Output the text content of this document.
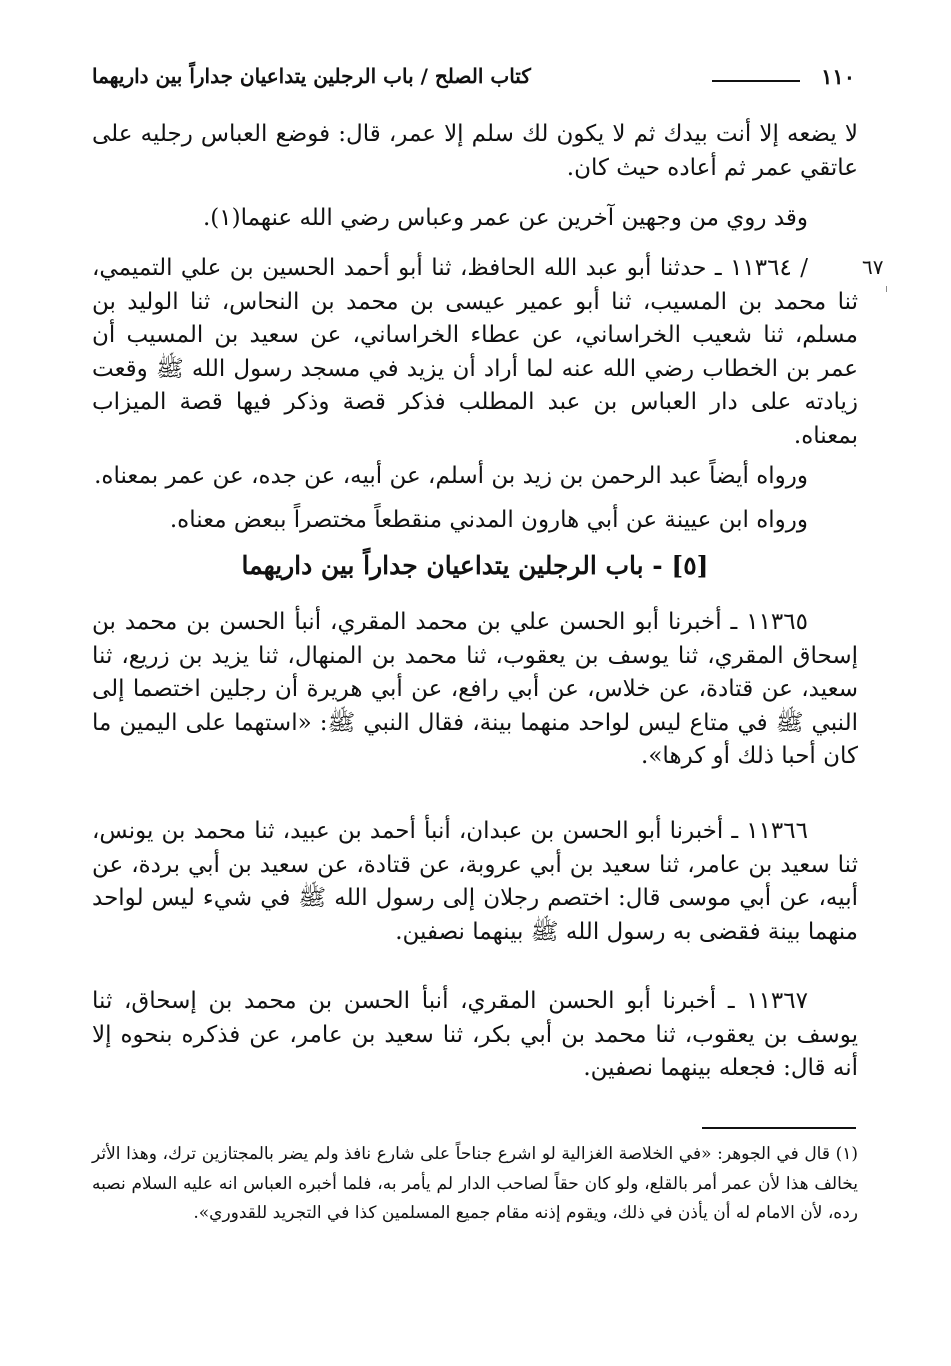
١١٠
كتاب الصلح / باب الرجلين يتداعيان جداراً بين داريهما
٦٧

لا يضعه إلا أنت بيدك ثم لا يكون لك سلم إلا عمر، قال: فوضع العباس رجليه على عاتقي عمر ثم أعاده حيث كان.

وقد روي من وجهين آخرين عن عمر وعباس رضي الله عنهما(١).

/ ١١٣٦٤ ـ حدثنا أبو عبد الله الحافظ، ثنا أبو أحمد الحسين بن علي التميمي، ثنا محمد بن المسيب، ثنا أبو عمير عيسى بن محمد بن النحاس، ثنا الوليد بن مسلم، ثنا شعيب الخراساني، عن عطاء الخراساني، عن سعيد بن المسيب أن عمر بن الخطاب رضي الله عنه لما أراد أن يزيد في مسجد رسول الله ﷺ وقعت زيادته على دار العباس بن عبد المطلب فذكر قصة وذكر فيها قصة الميزاب بمعناه.

ورواه أيضاً عبد الرحمن بن زيد بن أسلم، عن أبيه، عن جده، عن عمر بمعناه.

ورواه ابن عيينة عن أبي هارون المدني منقطعاً مختصراً ببعض معناه.

[٥] - باب الرجلين يتداعيان جداراً بين داريهما

١١٣٦٥ ـ أخبرنا أبو الحسن علي بن محمد المقري، أنبأ الحسن بن محمد بن إسحاق المقري، ثنا يوسف بن يعقوب، ثنا محمد بن المنهال، ثنا يزيد بن زريع، ثنا سعيد، عن قتادة، عن خلاس، عن أبي رافع، عن أبي هريرة أن رجلين اختصما إلى النبي ﷺ في متاع ليس لواحد منهما بينة، فقال النبي ﷺ: «استهما على اليمين ما كان أحبا ذلك أو كرها».

١١٣٦٦ ـ أخبرنا أبو الحسن بن عبدان، أنبأ أحمد بن عبيد، ثنا محمد بن يونس، ثنا سعيد بن عامر، ثنا سعيد بن أبي عروبة، عن قتادة، عن سعيد بن أبي بردة، عن أبيه، عن أبي موسى قال: اختصم رجلان إلى رسول الله ﷺ في شيء ليس لواحد منهما بينة فقضى به رسول الله ﷺ بينهما نصفين.

١١٣٦٧ ـ أخبرنا أبو الحسن المقري، أنبأ الحسن بن محمد بن إسحاق، ثنا يوسف بن يعقوب، ثنا محمد بن أبي بكر، ثنا سعيد بن عامر، عن فذكره بنحوه إلا أنه قال: فجعله بينهما نصفين.

(١) قال في الجوهر: «في الخلاصة الغزالية لو اشرع جناحاً على شارع نافذ ولم يضر بالمجتازين ترك، وهذا الأثر يخالف هذا لأن عمر أمر بالقلع، ولو كان حقاً لصاحب الدار لم يأمر به، فلما أخبره العباس انه عليه السلام نصبه رده، لأن الامام له أن يأذن في ذلك، ويقوم إذنه مقام جميع المسلمين كذا في التجريد للقدوري».
